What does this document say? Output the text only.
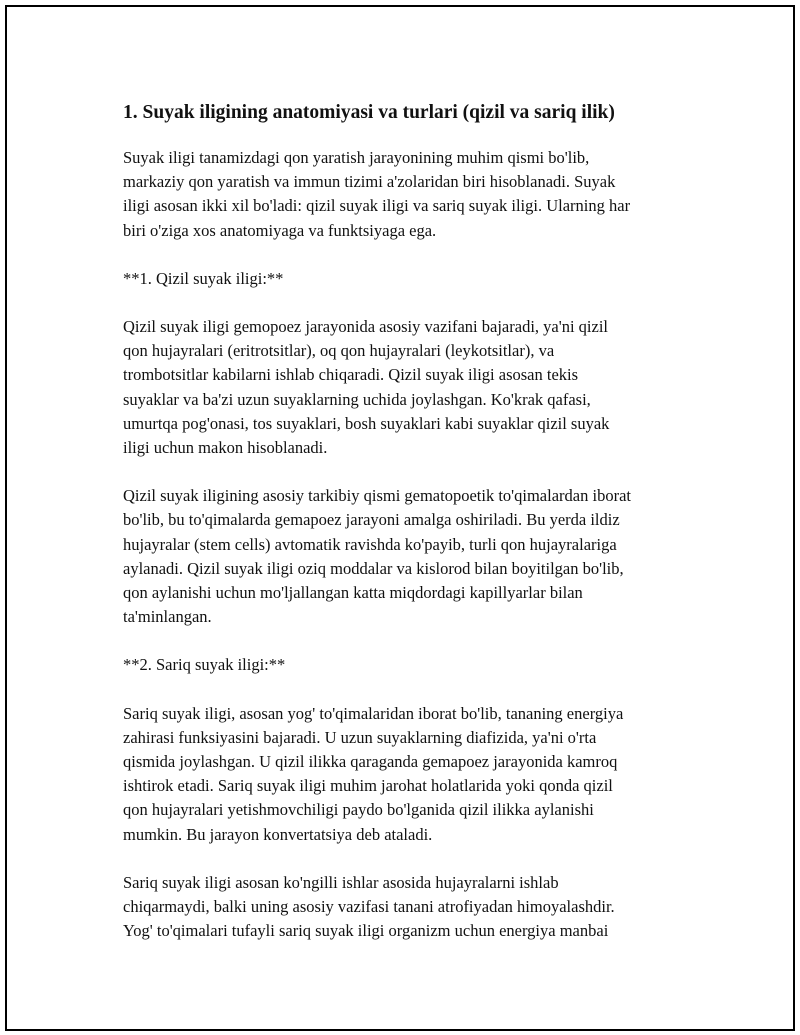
1. Suyak iligining anatomiyasi va turlari (qizil va sariq ilik)

Suyak iligi tanamizdagi qon yaratish jarayonining muhim qismi bo'lib,
markaziy qon yaratish va immun tizimi a'zolaridan biri hisoblanadi. Suyak
iligi asosan ikki xil bo'ladi: qizil suyak iligi va sariq suyak iligi. Ularning har
biri o'ziga xos anatomiyaga va funktsiyaga ega.

**1. Qizil suyak iligi:**

Qizil suyak iligi gemopoez jarayonida asosiy vazifani bajaradi, ya'ni qizil
qon hujayralari (eritrotsitlar), oq qon hujayralari (leykotsitlar), va
trombotsitlar kabilarni ishlab chiqaradi. Qizil suyak iligi asosan tekis
suyaklar va ba'zi uzun suyaklarning uchida joylashgan. Ko'krak qafasi,
umurtqa pog'onasi, tos suyaklari, bosh suyaklari kabi suyaklar qizil suyak
iligi uchun makon hisoblanadi.

Qizil suyak iligining asosiy tarkibiy qismi gematopoetik to'qimalardan iborat
bo'lib, bu to'qimalarda gemapoez jarayoni amalga oshiriladi. Bu yerda ildiz
hujayralar (stem cells) avtomatik ravishda ko'payib, turli qon hujayralariga
aylanadi. Qizil suyak iligi oziq moddalar va kislorod bilan boyitilgan bo'lib,
qon aylanishi uchun mo'ljallangan katta miqdordagi kapillyarlar bilan
ta'minlangan.

**2. Sariq suyak iligi:**

Sariq suyak iligi, asosan yog' to'qimalaridan iborat bo'lib, tananing energiya
zahirasi funksiyasini bajaradi. U uzun suyaklarning diafizida, ya'ni o'rta
qismida joylashgan. U qizil ilikka qaraganda gemapoez jarayonida kamroq
ishtirok etadi. Sariq suyak iligi muhim jarohat holatlarida yoki qonda qizil
qon hujayralari yetishmovchiligi paydo bo'lganida qizil ilikka aylanishi
mumkin. Bu jarayon konvertatsiya deb ataladi.

Sariq suyak iligi asosan ko'ngilli ishlar asosida hujayralarni ishlab
chiqarmaydi, balki uning asosiy vazifasi tanani atrofiyadan himoyalashdir.
Yog' to'qimalari tufayli sariq suyak iligi organizm uchun energiya manbai
